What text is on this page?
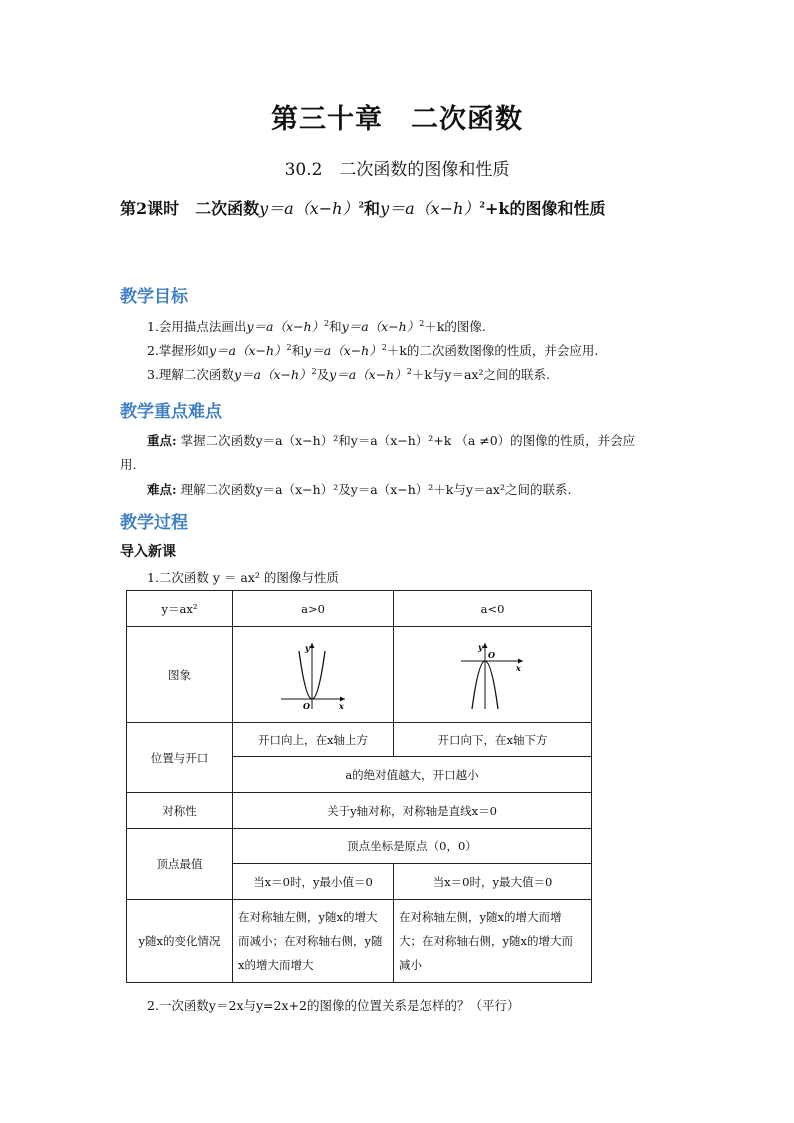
第三十章　二次函数
30.2　二次函数的图像和性质
第2课时　二次函数$y=a(x-h)^2$和$y=a(x-h)^2+k$的图像和性质
教学目标
1.会用描点法画出$y=a(x-h)^2$和$y=a(x-h)^2+k$的图像.
2.掌握形如$y=a(x-h)^2$和$y=a(x-h)^2+k$的二次函数图像的性质，并会应用.
3.理解二次函数$y=a(x-h)^2$及$y=a(x-h)^2+k$与y＝ax²之间的联系.
教学重点难点
重点: 掌握二次函数y＝a（x−h）²和y＝a（x−h）²+k （a ≠0）的图像的性质，并会应
用.
难点: 理解二次函数y＝a（x−h）²及y＝a（x−h）²＋k与y＝ax²之间的联系.
教学过程
导入新课
1.二次函数 y ＝ ax² 的图像与性质
y＝ax²	a>0	a<0
图象	y
x
O	y
x
O

位置与开口	开口向上，在x轴上方	开口向下，在x轴下方
	a的绝对值越大，开口越小	
对称性	关于y轴对称，对称轴是直线x＝0	
顶点最值	顶点坐标是原点（0，0）	
	当x＝0时，y最小值＝0	当x＝0时，y最大值＝0
y随x的变化情况	在对称轴左侧，y随x的增大而减小；在对称轴右侧，y随x的增大而增大	在对称轴左侧，y随x的增大而增大；在对称轴右侧，y随x的增大而减小
2.一次函数y＝2x与y=2x+2的图像的位置关系是怎样的？（平行）
